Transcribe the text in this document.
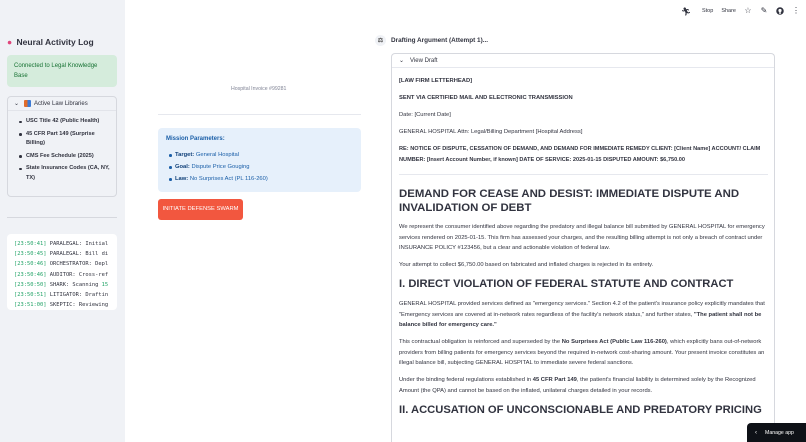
● Neural Activity Log
Connected to Legal Knowledge Base
⌄	Active Law Libraries
USC Title 42 (Public Health)
45 CFR Part 149 (Surprise Billing)
CMS Fee Schedule (2025)
State Insurance Codes (CA, NY, TX)
[23:50:41] PARALEGAL: Initial
[23:50:45] PARALEGAL: Bill di
[23:50:46] ORCHESTRATOR: Depl
[23:50:46] AUDITOR: Cross-ref
[23:50:50] SHARK: Scanning 15
[23:50:51] LITIGATOR: Draftin
[23:51:00] SKEPTIC: Reviewing
🏃︎ Stop Share ☆ ✎	⋮
Hospital Invoice #99281
Mission Parameters:
Target: General Hospital
Goal: Dispute Price Gouging
Law: No Surprises Act (PL 116-260)
INITIATE DEFENSE SWARM
⚖	Drafting Argument (Attempt 1)...
⌄ View Draft

[LAW FIRM LETTERHEAD]

SENT VIA CERTIFIED MAIL AND ELECTRONIC TRANSMISSION

Date: [Current Date]

GENERAL HOSPITAL Attn: Legal/Billing Department [Hospital Address]

RE: NOTICE OF DISPUTE, CESSATION OF DEMAND, AND DEMAND FOR IMMEDIATE REMEDY CLIENT: [Client Name] ACCOUNT/ CLAIM NUMBER: [Insert Account Number, if known] DATE OF SERVICE: 2025-01-15 DISPUTED AMOUNT: $6,750.00

DEMAND FOR CEASE AND DESIST: IMMEDIATE DISPUTE AND INVALIDATION OF DEBT

We represent the consumer identified above regarding the predatory and illegal balance bill submitted by GENERAL HOSPITAL for emergency services rendered on 2025-01-15. This firm has assessed your charges, and the resulting billing attempt is not only a breach of contract under INSURANCE POLICY #123456, but a clear and actionable violation of federal law.

Your attempt to collect $6,750.00 based on fabricated and inflated charges is rejected in its entirety.

I. DIRECT VIOLATION OF FEDERAL STATUTE AND CONTRACT

GENERAL HOSPITAL provided services defined as "emergency services." Section 4.2 of the patient's insurance policy explicitly mandates that "Emergency services are covered at in-network rates regardless of the facility's network status," and further states, "The patient shall not be balance billed for emergency care."

This contractual obligation is reinforced and superseded by the No Surprises Act (Public Law 116-260), which explicitly bans out-of-network providers from billing patients for emergency services beyond the required in-network cost-sharing amount. Your present invoice constitutes an illegal balance bill, subjecting GENERAL HOSPITAL to immediate severe federal sanctions.

Under the binding federal regulations established in 45 CFR Part 149, the patient's financial liability is determined solely by the Recognized Amount (the QPA) and cannot be based on the inflated, unilateral charges detailed in your records.

II. ACCUSATION OF UNCONSCIONABLE AND PREDATORY PRICING
‹ Manage app
